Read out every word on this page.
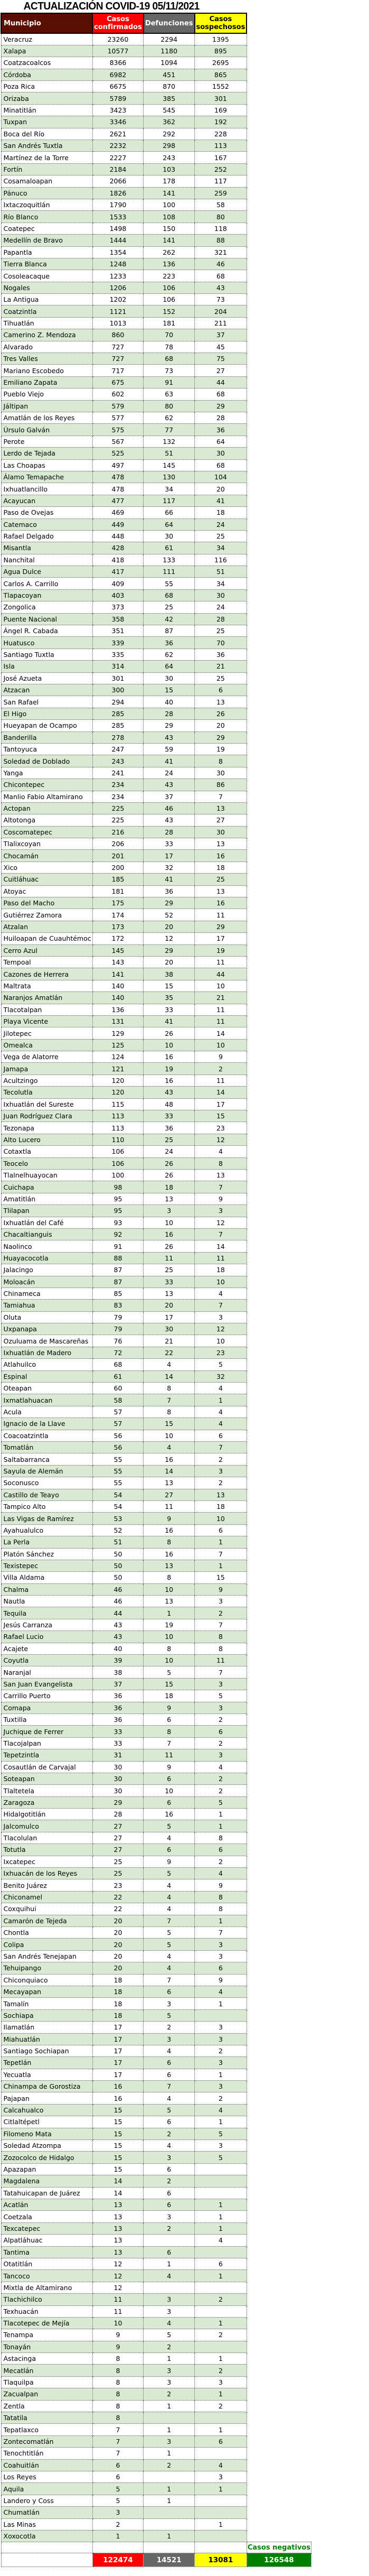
ACTUALIZACIÓN COVID-19 05/11/2021
Municipio	Casos confirmados	Defunciones	Casos sospechosos	
Veracruz	23260	2294	1395	
Xalapa	10577	1180	895	
Coatzacoalcos	8366	1094	2695	
Córdoba	6982	451	865	
Poza Rica	6675	870	1552	
Orizaba	5789	385	301	
Minatitlán	3423	545	169	
Tuxpan	3346	362	192	
Boca del Río	2621	292	228	
San Andrés Tuxtla	2232	298	113	
Martínez de la Torre	2227	243	167	
Fortín	2184	103	252	
Cosamaloapan	2066	178	117	
Pánuco	1826	141	259	
Ixtaczoquitlán	1790	100	58	
Río Blanco	1533	108	80	
Coatepec	1498	150	118	
Medellín de Bravo	1444	141	88	
Papantla	1354	262	321	
Tierra Blanca	1248	136	46	
Cosoleacaque	1233	223	68	
Nogales	1206	106	43	
La Antigua	1202	106	73	
Coatzintla	1121	152	204	
Tihuatlán	1013	181	211	
Camerino Z. Mendoza	860	70	37	
Alvarado	727	78	45	
Tres Valles	727	68	75	
Mariano Escobedo	717	73	27	
Emiliano Zapata	675	91	44	
Pueblo Viejo	602	63	68	
Jáltipan	579	80	29	
Amatlán de los Reyes	577	62	28	
Úrsulo Galván	575	77	36	
Perote	567	132	64	
Lerdo de Tejada	525	51	30	
Las Choapas	497	145	68	
Álamo Temapache	478	130	104	
Ixhuatlancillo	478	34	20	
Acayucan	477	117	41	
Paso de Ovejas	469	66	18	
Catemaco	449	64	24	
Rafael Delgado	448	30	25	
Misantla	428	61	34	
Nanchital	418	133	116	
Agua Dulce	417	111	51	
Carlos A. Carrillo	409	55	34	
Tlapacoyan	403	68	30	
Zongolica	373	25	24	
Puente Nacional	358	42	28	
Ángel R. Cabada	351	87	25	
Huatusco	339	36	70	
Santiago Tuxtla	335	62	36	
Isla	314	64	21	
José Azueta	301	30	25	
Atzacan	300	15	6	
San Rafael	294	40	13	
El Higo	285	28	26	
Hueyapan de Ocampo	285	29	20	
Banderilla	278	43	29	
Tantoyuca	247	59	19	
Soledad de Doblado	243	41	8	
Yanga	241	24	30	
Chicontepec	234	43	86	
Manlio Fabio Altamirano	234	37	7	
Actopan	225	46	13	
Altotonga	225	43	27	
Coscomatepec	216	28	30	
Tlalixcoyan	206	33	13	
Chocamán	201	17	16	
Xico	200	32	18	
Cuitláhuac	185	41	25	
Atoyac	181	36	13	
Paso del Macho	175	29	16	
Gutiérrez Zamora	174	52	11	
Atzalan	173	20	29	
Huiloapan de Cuauhtémoc	172	12	17	
Cerro Azul	145	29	19	
Tempoal	143	20	11	
Cazones de Herrera	141	38	44	
Maltrata	140	15	10	
Naranjos Amatlán	140	35	21	
Tlacotalpan	136	33	11	
Playa Vicente	131	41	11	
Jilotepec	129	26	14	
Omealca	125	10	10	
Vega de Alatorre	124	16	9	
Jamapa	121	19	2	
Acultzingo	120	16	11	
Tecolutla	120	43	14	
Ixhuatlán del Sureste	115	48	17	
Juan Rodríguez Clara	113	33	15	
Tezonapa	113	36	23	
Alto Lucero	110	25	12	
Cotaxtla	106	24	4	
Teocelo	106	26	8	
Tlalnelhuayocan	100	26	13	
Cuichapa	98	18	7	
Amatitlán	95	13	9	
Tlilapan	95	3	3	
Ixhuatlán del Café	93	10	12	
Chacaltianguis	92	16	7	
Naolinco	91	26	14	
Huayacocotla	88	11	11	
Jalacingo	87	25	18	
Moloacán	87	33	10	
Chinameca	85	13	4	
Tamiahua	83	20	7	
Oluta	79	17	3	
Uxpanapa	79	30	12	
Ozuluama de Mascareñas	76	21	10	
Ixhuatlán de Madero	72	22	23	
Atlahuilco	68	4	5	
Espinal	61	14	32	
Oteapan	60	8	4	
Ixmatlahuacan	58	7	1	
Acula	57	8	4	
Ignacio de la Llave	57	15	4	
Coacoatzintla	56	10	6	
Tomatlán	56	4	7	
Saltabarranca	55	16	2	
Sayula de Alemán	55	14	3	
Soconusco	55	13	2	
Castillo de Teayo	54	27	13	
Tampico Alto	54	11	18	
Las Vigas de Ramírez	53	9	10	
Ayahualulco	52	16	6	
La Perla	51	8	1	
Platón Sánchez	50	16	7	
Texistepec	50	13	1	
Villa Aldama	50	8	15	
Chalma	46	10	9	
Nautla	46	13	3	
Tequila	44	1	2	
Jesús Carranza	43	19	7	
Rafael Lucio	43	10	8	
Acajete	40	8	8	
Coyutla	39	10	11	
Naranjal	38	5	7	
San Juan Evangelista	37	15	3	
Carrillo Puerto	36	18	5	
Comapa	36	9	3	
Tuxtilla	36	6	2	
Juchique de Ferrer	33	8	6	
Tlacojalpan	33	7	2	
Tepetzintla	31	11	3	
Cosautlán de Carvajal	30	9	4	
Soteapan	30	6	2	
Tlaltetela	30	10	2	
Zaragoza	29	6	5	
Hidalgotitlán	28	16	1	
Jalcomulco	27	5	1	
Tlacolulan	27	4	8	
Totutla	27	6	6	
Ixcatepec	25	9	2	
Ixhuacán de los Reyes	25	5	4	
Benito Juárez	23	4	9	
Chiconamel	22	4	8	
Coxquihui	22	4	8	
Camarón de Tejeda	20	7	1	
Chontla	20	5	7	
Colipa	20	5	3	
San Andrés Tenejapan	20	4	3	
Tehuipango	20	4	6	
Chiconquiaco	18	7	9	
Mecayapan	18	6	4	
Tamalín	18	3	1	
Sochiapa	18	5		
Ilamatlán	17	2	3	
Miahuatlán	17	3	3	
Santiago Sochiapan	17	4	2	
Tepetlán	17	6	3	
Yecuatla	17	6	1	
Chinampa de Gorostiza	16	7	3	
Pajapan	16	4	2	
Calcahualco	15	5	4	
Citlaltépetl	15	6	1	
Filomeno Mata	15	2	5	
Soledad Atzompa	15	4	3	
Zozocolco de Hidalgo	15	3	5	
Apazapan	15	6		
Magdalena	14	2		
Tatahuicapan de Juárez	14	6		
Acatlán	13	6	1	
Coetzala	13	3	1	
Texcatepec	13	2	1	
Alpatláhuac	13		4	
Tantima	13	6		
Otatitlán	12	1	6	
Tancoco	12	4	1	
Mixtla de Altamirano	12			
Tlachichilco	11	3	2	
Texhuacán	11	3		
Tlacotepec de Mejía	10	4	1	
Tenampa	9	5	2	
Tonayán	9	2		
Astacinga	8	1	1	
Mecatlán	8	3	2	
Tlaquilpa	8	3	3	
Zacualpan	8	2	1	
Zentla	8	1	2	
Tatatila	8			
Tepatlaxco	7	1	1	
Zontecomatlán	7	3	6	
Tenochtitlán	7	1		
Coahuitlán	6	2	4	
Los Reyes	6		3	
Aquila	5	1	1	
Landero y Coss	5	1		
Chumatlán	3			
Las Minas	2		1	
Xoxocotla	1	1		
				Casos negativos
	122474	14521	13081	126548
